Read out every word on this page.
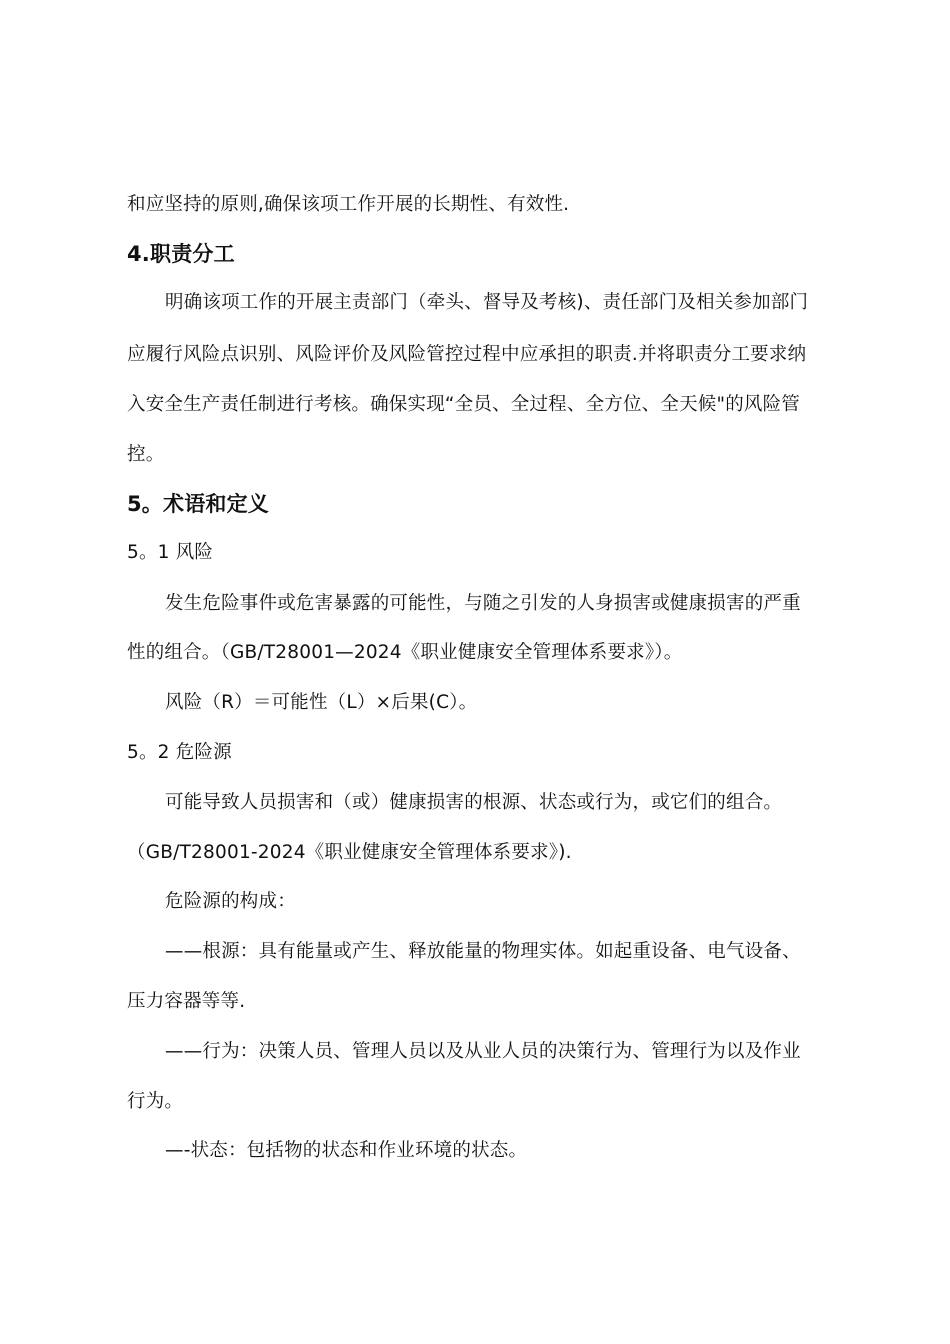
和应坚持的原则,确保该项工作开展的长期性、有效性.
4.职责分工
明确该项工作的开展主责部门（牵头、督导及考核)、责任部门及相关参加部门
应履行风险点识别、风险评价及风险管控过程中应承担的职责.并将职责分工要求纳
入安全生产责任制进行考核。确保实现“全员、全过程、全方位、全天候"的风险管
控。
5。术语和定义
5。1 风险
发生危险事件或危害暴露的可能性，与随之引发的人身损害或健康损害的严重
性的组合。（GB/T28001—2024《职业健康安全管理体系要求》）。
风险（R）＝可能性（L）×后果(C）。
5。2 危险源
可能导致人员损害和（或）健康损害的根源、状态或行为，或它们的组合。
（GB/T28001-2024《职业健康安全管理体系要求》).
危险源的构成：
——根源：具有能量或产生、释放能量的物理实体。如起重设备、电气设备、
压力容器等等.
——行为：决策人员、管理人员以及从业人员的决策行为、管理行为以及作业
行为。
—-状态：包括物的状态和作业环境的状态。
